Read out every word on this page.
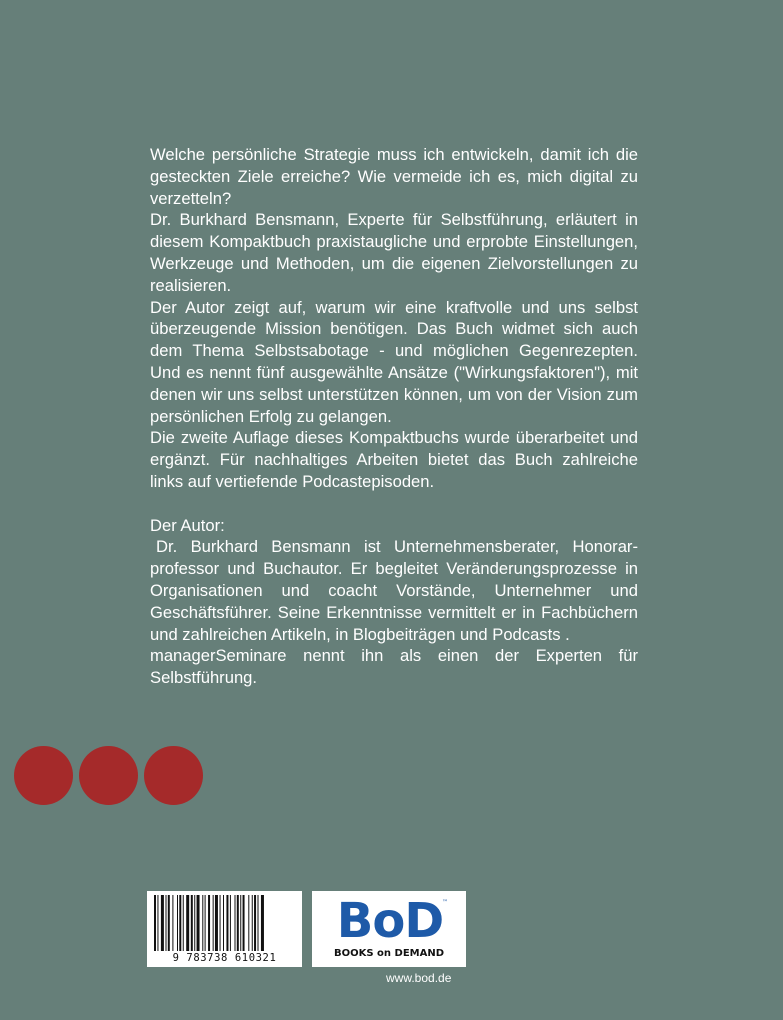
Welche persönliche Strategie muss ich entwickeln, damit ich die gesteckten Ziele erreiche? Wie vermeide ich es, mich digital zu verzetteln?

Dr. Burkhard Bensmann, Experte für Selbstführung, erläutert in diesem Kompaktbuch praxistaugliche und erprobte Einstellungen, Werkzeuge und Methoden, um die eigenen Zielvorstellungen zu realisieren.

Der Autor zeigt auf, warum wir eine kraftvolle und uns selbst überzeugende Mission benötigen. Das Buch widmet sich auch dem Thema Selbstsabotage - und möglichen Gegenrezepten. Und es nennt fünf ausgewählte Ansätze ("Wirkungsfaktoren"), mit denen wir uns selbst unterstützen können, um von der Vision zum persönlichen Erfolg zu gelangen.

Die zweite Auflage dieses Kompaktbuchs wurde überarbeitet und ergänzt. Für nachhaltiges Arbeiten bietet das Buch zahlreiche links auf vertiefende Podcastepisoden.

Der Autor:

Dr. Burkhard Bensmann ist Unternehmensberater, Honorarprofessor und Buchautor. Er begleitet Veränderungsprozesse in Organisationen und coacht Vorstände, Unternehmer und Geschäftsführer. Seine Erkenntnisse vermittelt er in Fachbüchern und zahlreichen Artikeln, in Blogbeiträgen und Podcasts .

managerSeminare nennt ihn als einen der Experten für Selbstführung.

9 783738 610321
BoD
™
BOOKS on DEMAND
www.bod.de
